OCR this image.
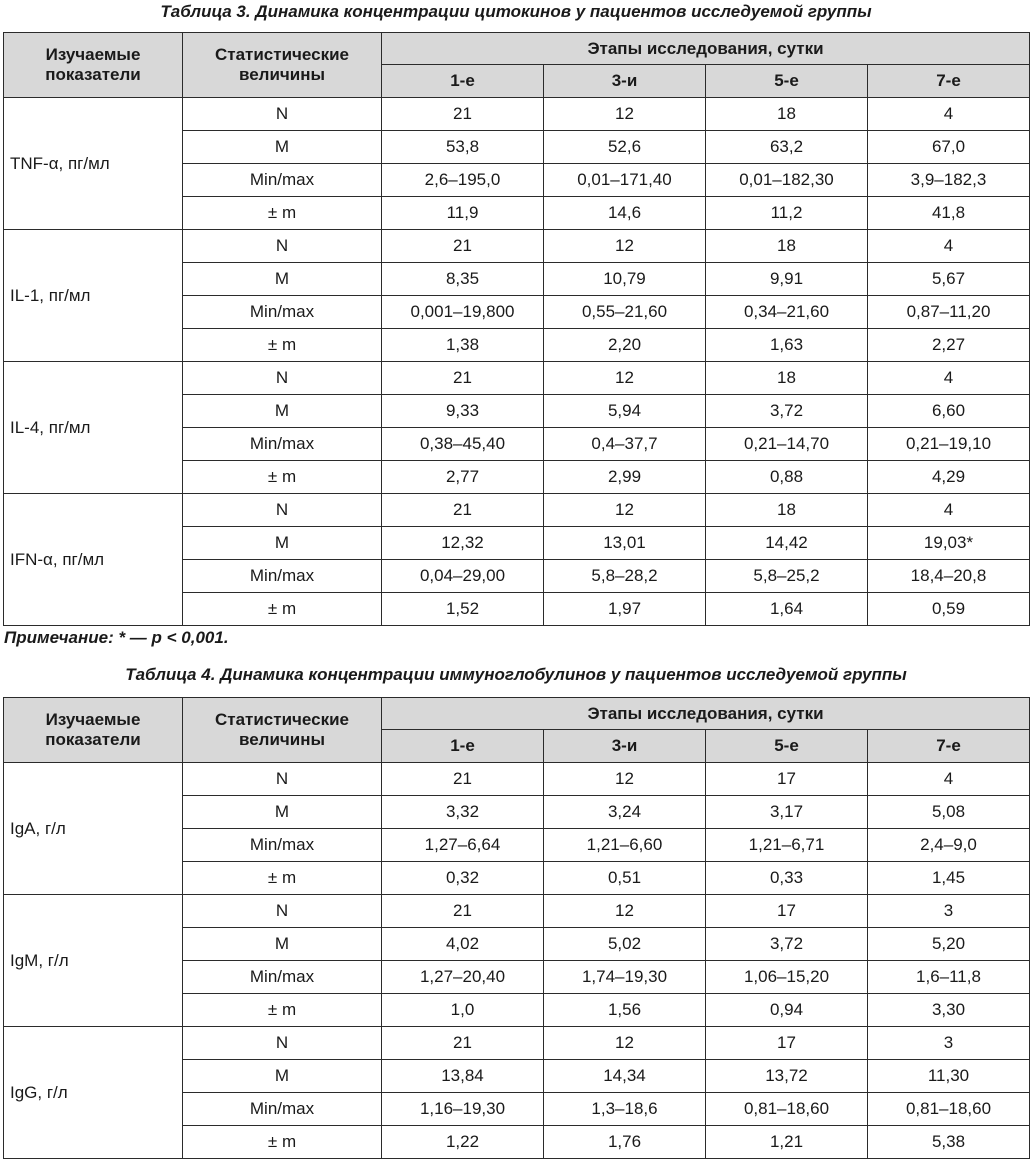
Таблица 3. Динамика концентрации цитокинов у пациентов исследуемой группы
Изучаемые показатели	Статистические величины	Этапы исследования, сутки			
		1-е	3-и	5-е	7-е
TNF-α, пг/мл	N	21	12	18	4
	M	53,8	52,6	63,2	67,0
	Min/max	2,6–195,0	0,01–171,40	0,01–182,30	3,9–182,3
	± m	11,9	14,6	11,2	41,8
IL-1, пг/мл	N	21	12	18	4
	M	8,35	10,79	9,91	5,67
	Min/max	0,001–19,800	0,55–21,60	0,34–21,60	0,87–11,20
	± m	1,38	2,20	1,63	2,27
IL-4, пг/мл	N	21	12	18	4
	M	9,33	5,94	3,72	6,60
	Min/max	0,38–45,40	0,4–37,7	0,21–14,70	0,21–19,10
	± m	2,77	2,99	0,88	4,29
IFN-α, пг/мл	N	21	12	18	4
	M	12,32	13,01	14,42	19,03*
	Min/max	0,04–29,00	5,8–28,2	5,8–25,2	18,4–20,8
	± m	1,52	1,97	1,64	0,59
Примечание: * — p < 0,001.
Таблица 4. Динамика концентрации иммуноглобулинов у пациентов исследуемой группы
Изучаемые показатели	Статистические величины	Этапы исследования, сутки			
		1-е	3-и	5-е	7-е
IgA, г/л	N	21	12	17	4
	M	3,32	3,24	3,17	5,08
	Min/max	1,27–6,64	1,21–6,60	1,21–6,71	2,4–9,0
	± m	0,32	0,51	0,33	1,45
IgM, г/л	N	21	12	17	3
	M	4,02	5,02	3,72	5,20
	Min/max	1,27–20,40	1,74–19,30	1,06–15,20	1,6–11,8
	± m	1,0	1,56	0,94	3,30
IgG, г/л	N	21	12	17	3
	M	13,84	14,34	13,72	11,30
	Min/max	1,16–19,30	1,3–18,6	0,81–18,60	0,81–18,60
	± m	1,22	1,76	1,21	5,38
